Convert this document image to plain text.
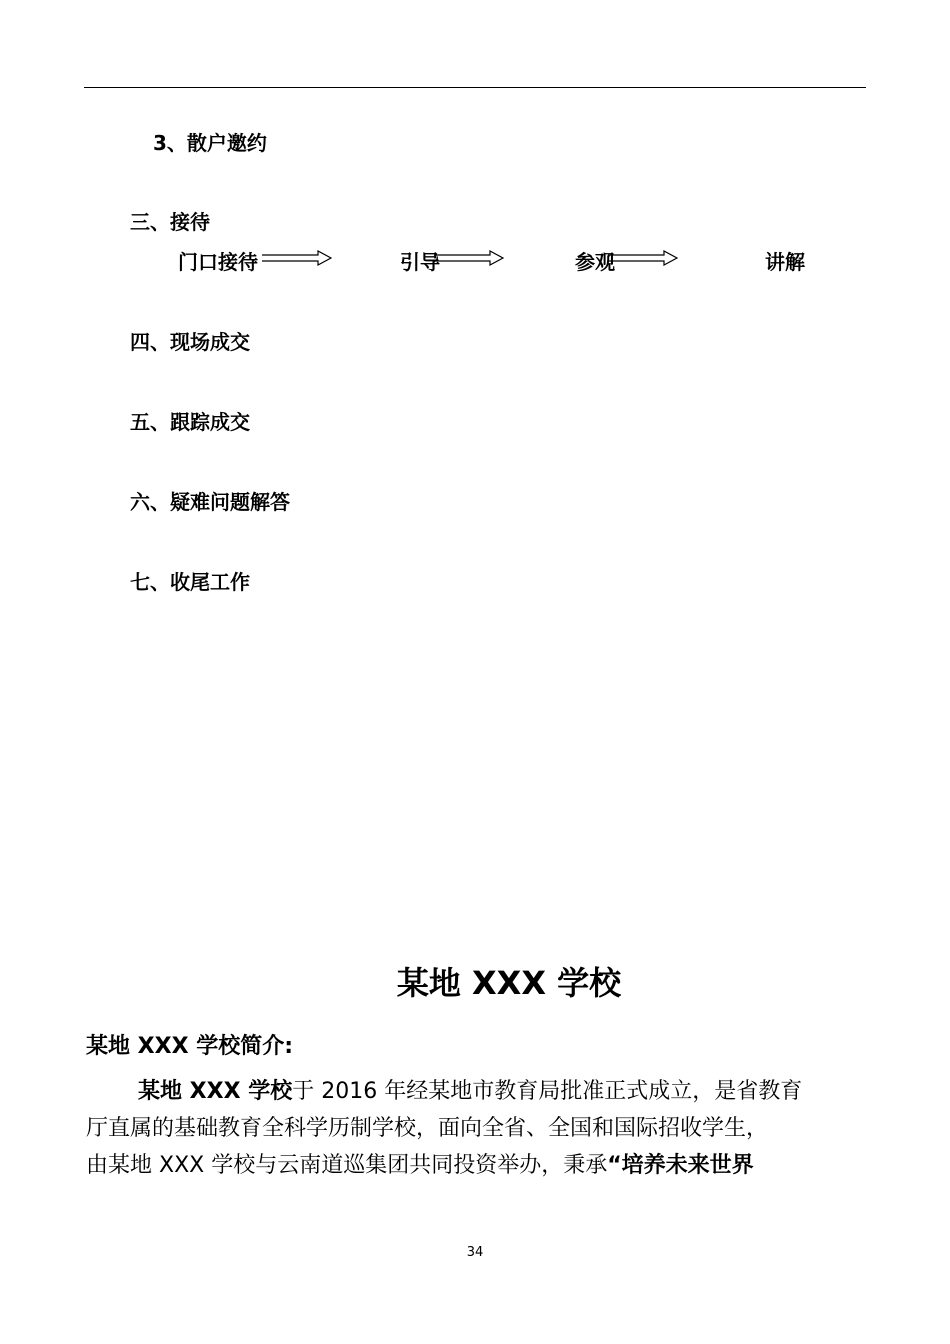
3、散户邀约
三、接待
门口接待	引导	参观	讲解
四、现场成交
五、跟踪成交
六、疑难问题解答
七、收尾工作
某地 XXX 学校
某地 XXX 学校简介:
某地 XXX 学校于 2016 年经某地市教育局批准正式成立，是省教育
厅直属的基础教育全科学历制学校，面向全省、全国和国际招收学生，
由某地 XXX 学校与云南道巡集团共同投资举办，秉承“培养未来世界
34
